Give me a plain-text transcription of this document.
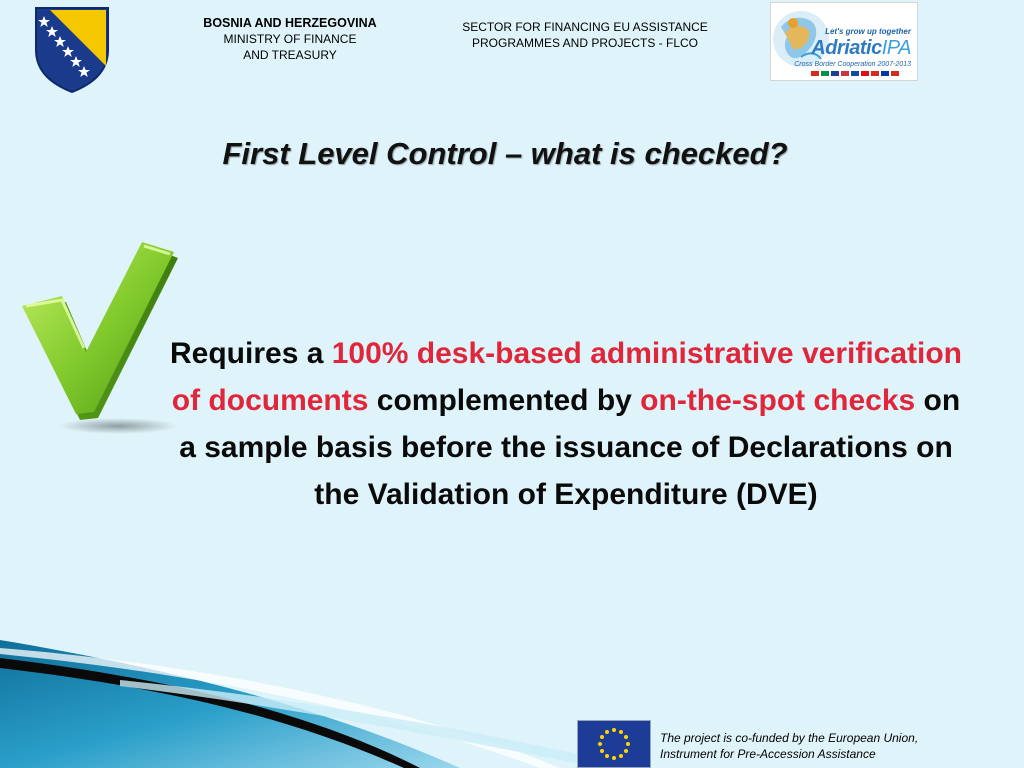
BOSNIA AND HERZEGOVINA
MINISTRY OF FINANCE
AND TREASURY
SECTOR FOR FINANCING EU ASSISTANCE
PROGRAMMES AND PROJECTS - FLCO
Let's grow up together
AdriaticIPA
Cross Border Cooperation 2007-2013
First Level Control – what is checked?
Requires a 100% desk-based administrative verification of documents complemented by on-the-spot checks on a sample basis before the issuance of Declarations on the Validation of Expenditure (DVE)
The project is co-funded by the European Union,
Instrument for Pre-Accession Assistance
